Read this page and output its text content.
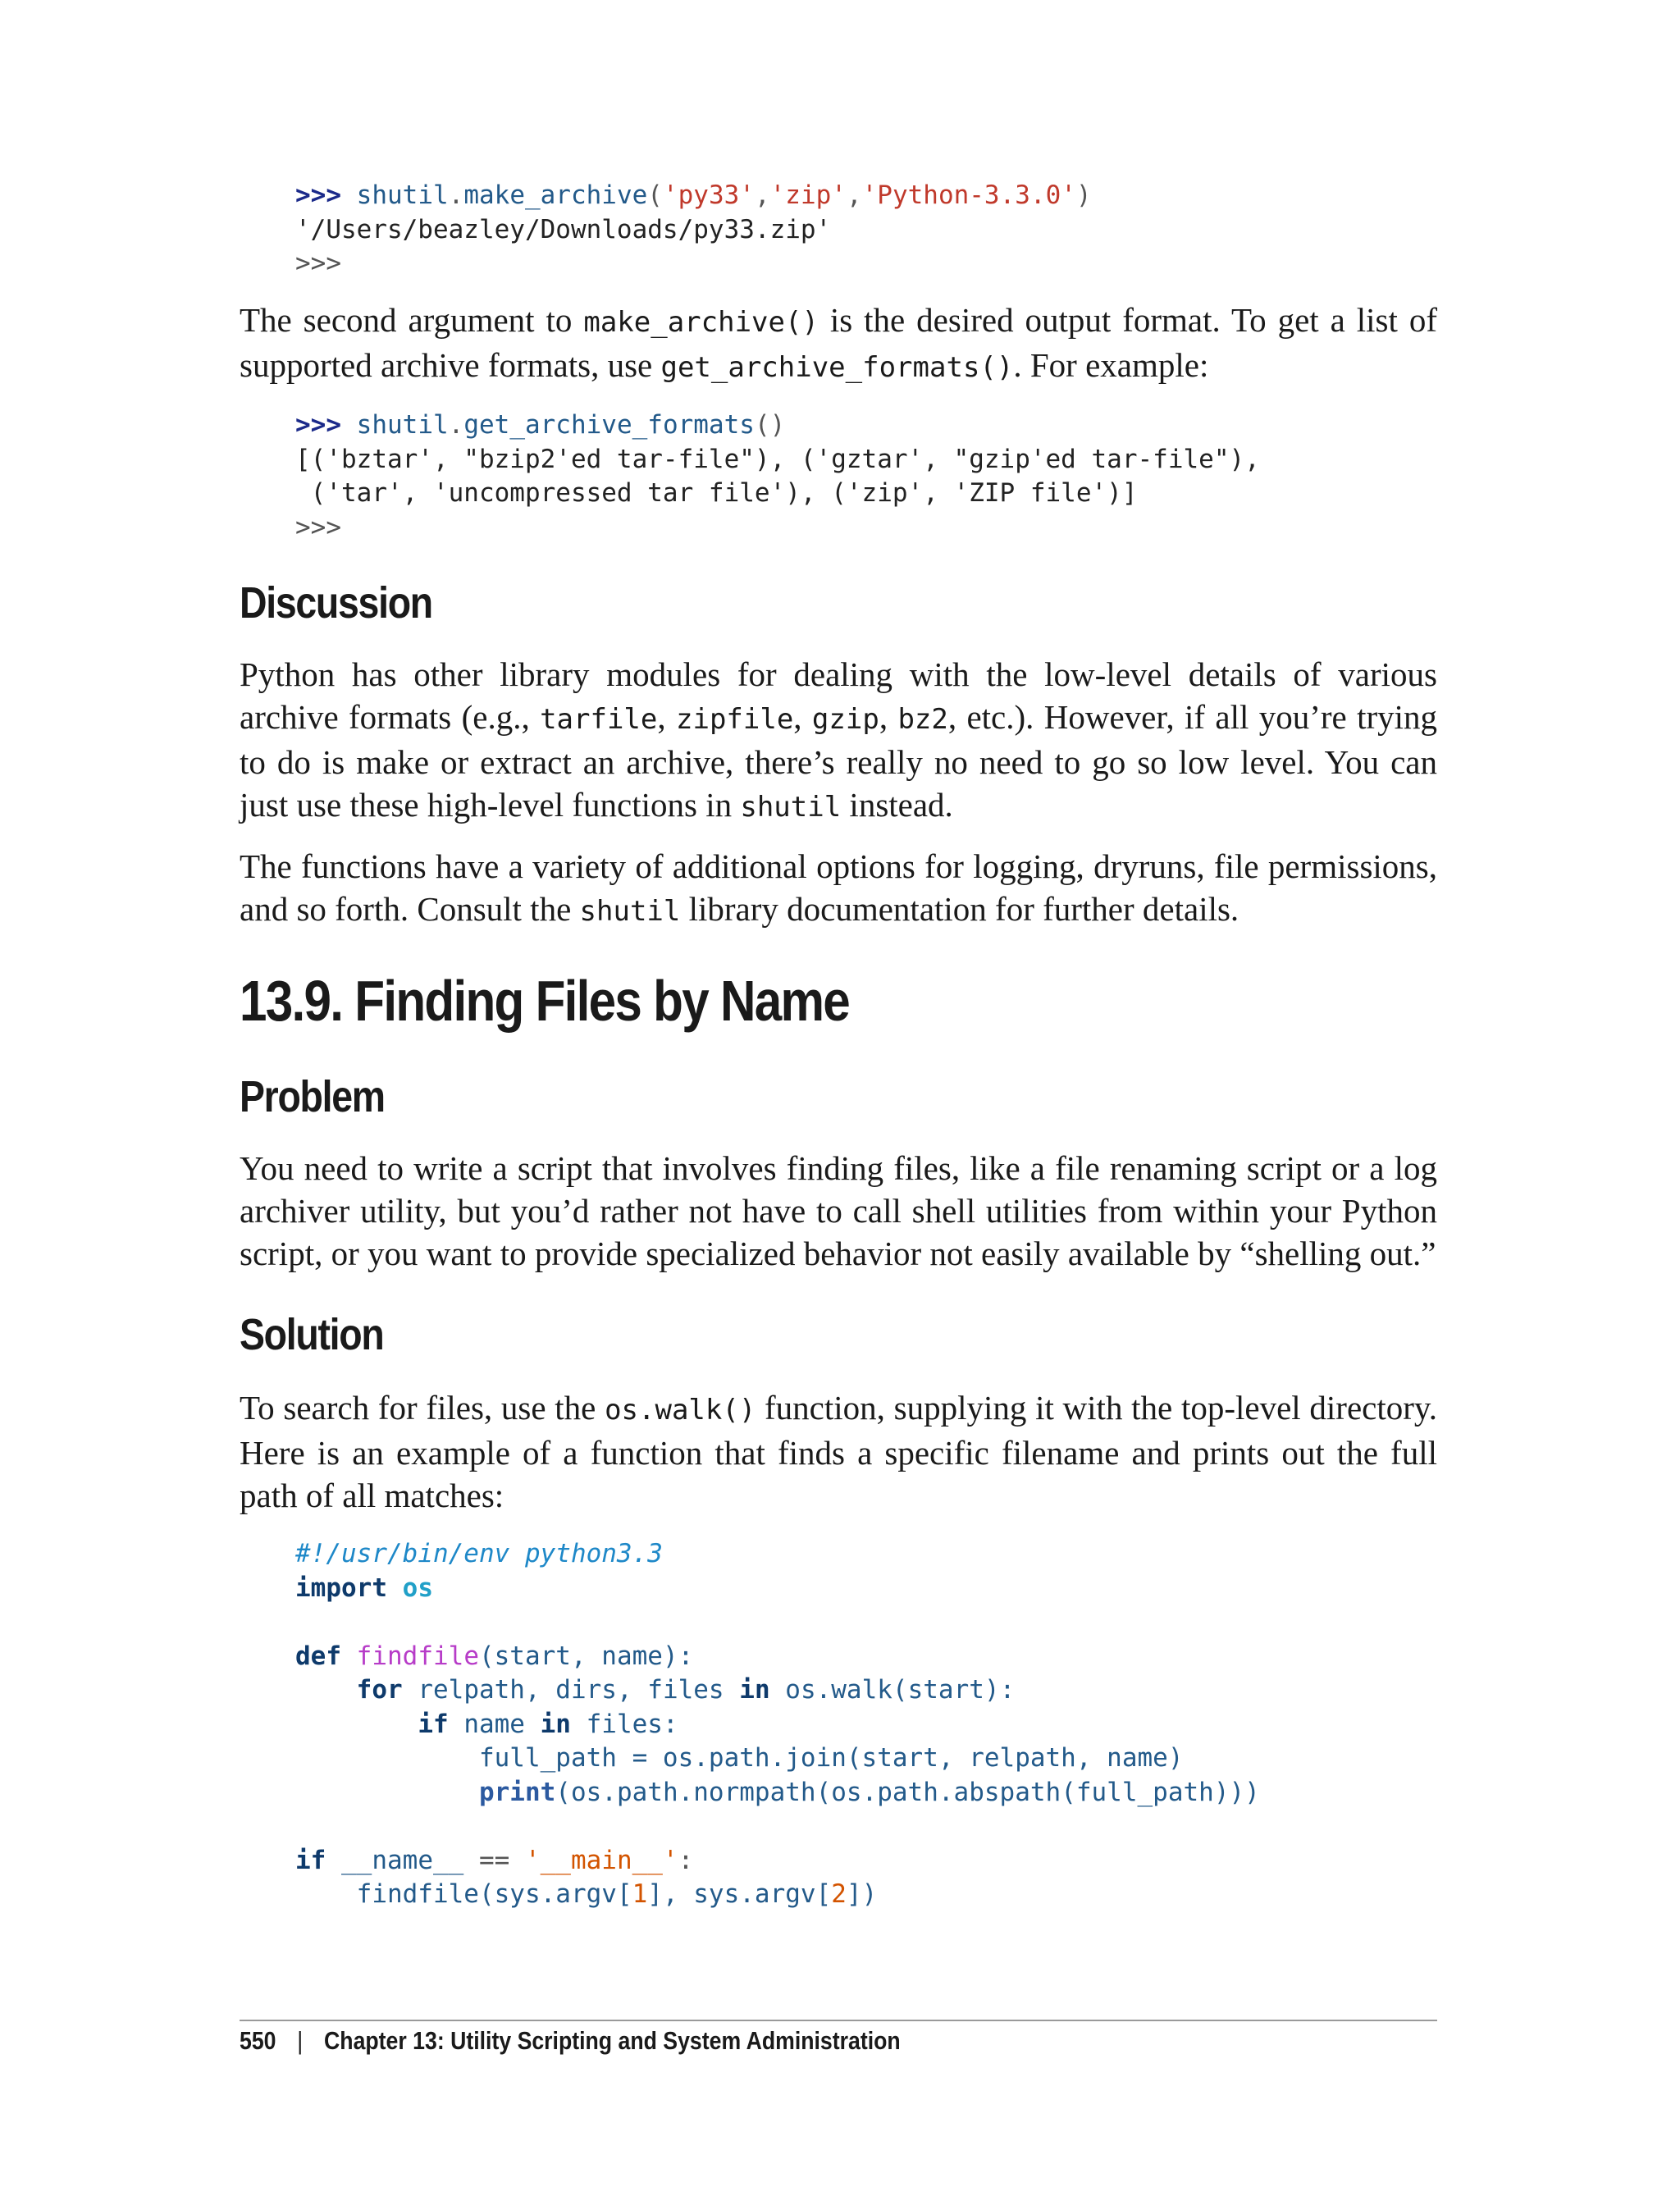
>>> shutil.make_archive('py33','zip','Python-3.3.0')
'/Users/beazley/Downloads/py33.zip'
>>>

The second argument to make_archive() is the desired output format. To get a list of supported archive formats, use get_archive_formats(). For example:

>>> shutil.get_archive_formats()
[('bztar', "bzip2'ed tar-file"), ('gztar', "gzip'ed tar-file"),
('tar', 'uncompressed tar file'), ('zip', 'ZIP file')]
>>>
Discussion

Python has other library modules for dealing with the low-level details of various archive formats (e.g., tarfile, zipfile, gzip, bz2, etc.). However, if all you’re trying to do is make or extract an archive, there’s really no need to go so low level. You can just use these high-level functions in shutil instead.

The functions have a variety of additional options for logging, dryruns, file permissions, and so forth. Consult the shutil library documentation for further details.

13.9. Finding Files by Name
Problem

You need to write a script that involves finding files, like a file renaming script or a log archiver utility, but you’d rather not have to call shell utilities from within your Python script, or you want to provide specialized behavior not easily available by “shelling out.”

Solution

To search for files, use the os.walk() function, supplying it with the top-level directory. Here is an example of a function that finds a specific filename and prints out the full path of all matches:

#!/usr/bin/env python3.3
import os

def findfile(start, name):
for relpath, dirs, files in os.walk(start):
if name in files:
full_path = os.path.join(start, relpath, name)
print(os.path.normpath(os.path.abspath(full_path)))

if __name__ == '__main__':
findfile(sys.argv[1], sys.argv[2])
550 | Chapter 13: Utility Scripting and System Administration
